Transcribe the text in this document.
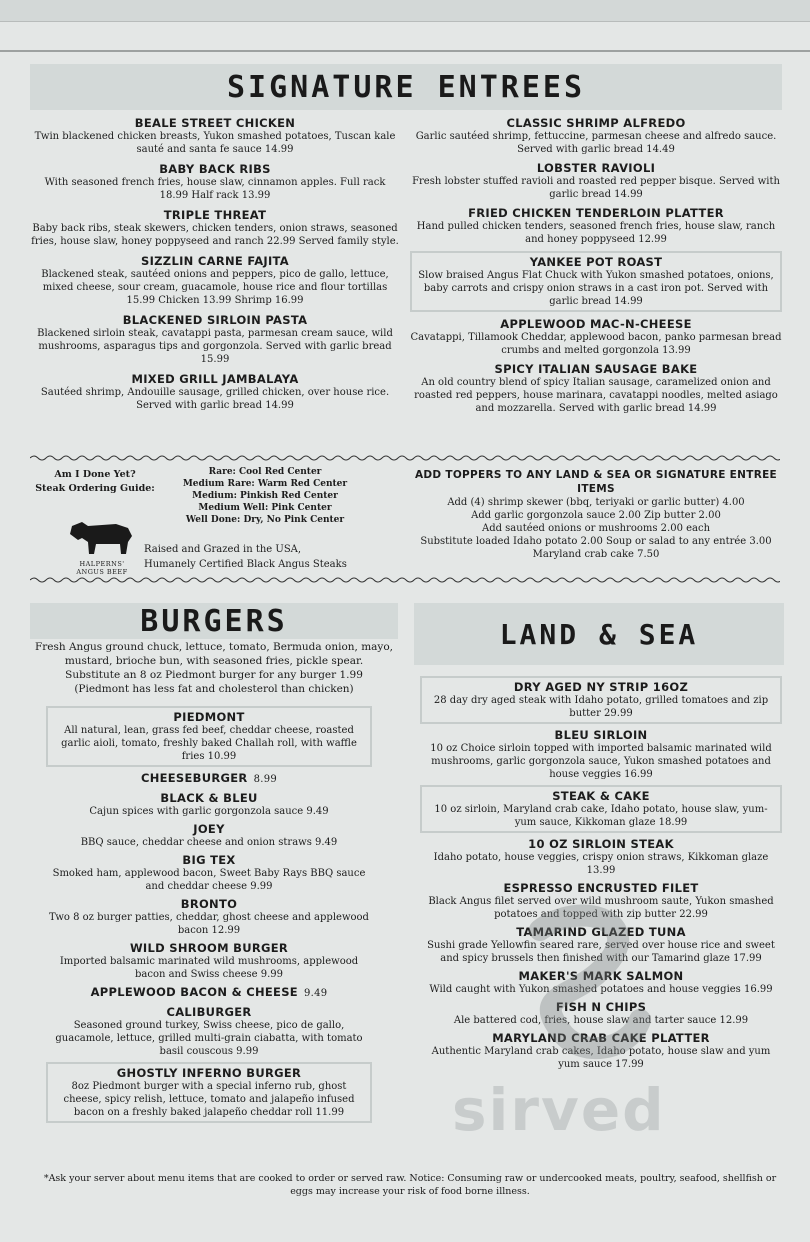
SIGNATURE ENTREES
BEALE STREET CHICKEN
Twin blackened chicken breasts, Yukon smashed potatoes, Tuscan kale sauté and santa fe sauce 14.99
BABY BACK RIBS
With seasoned french fries, house slaw, cinnamon apples. Full rack 18.99 Half rack 13.99
TRIPLE THREAT
Baby back ribs, steak skewers, chicken tenders, onion straws, seasoned fries, house slaw, honey poppyseed and ranch 22.99 Served family style.
SIZZLIN CARNE FAJITA
Blackened steak, sautéed onions and peppers, pico de gallo, lettuce, mixed cheese, sour cream, guacamole, house rice and flour tortillas 15.99 Chicken 13.99 Shrimp 16.99
BLACKENED SIRLOIN PASTA
Blackened sirloin steak, cavatappi pasta, parmesan cream sauce, wild mushrooms, asparagus tips and gorgonzola. Served with garlic bread 15.99
MIXED GRILL JAMBALAYA
Sautéed shrimp, Andouille sausage, grilled chicken, over house rice. Served with garlic bread 14.99
CLASSIC SHRIMP ALFREDO
Garlic sautéed shrimp, fettuccine, parmesan cheese and alfredo sauce. Served with garlic bread 14.49
LOBSTER RAVIOLI
Fresh lobster stuffed ravioli and roasted red pepper bisque. Served with garlic bread 14.99
FRIED CHICKEN TENDERLOIN PLATTER
Hand pulled chicken tenders, seasoned french fries, house slaw, ranch and honey poppyseed 12.99
YANKEE POT ROAST
Slow braised Angus Flat Chuck with Yukon smashed potatoes, onions, baby carrots and crispy onion straws in a cast iron pot. Served with garlic bread 14.99
APPLEWOOD MAC-N-CHEESE
Cavatappi, Tillamook Cheddar, applewood bacon, panko parmesan bread crumbs and melted gorgonzola 13.99
SPICY ITALIAN SAUSAGE BAKE
An old country blend of spicy Italian sausage, caramelized onion and roasted red peppers, house marinara, cavatappi noodles, melted asiago and mozzarella. Served with garlic bread 14.99
Am I Done Yet?
Steak Ordering Guide:
Rare: Cool Red Center
Medium Rare: Warm Red Center
Medium: Pinkish Red Center
Medium Well: Pink Center
Well Done: Dry, No Pink Center
HALPERNS'
ANGUS BEEF
Raised and Grazed in the USA,
Humanely Certified Black Angus Steaks
ADD TOPPERS TO ANY LAND & SEA OR SIGNATURE ENTREE ITEMS
Add (4) shrimp skewer (bbq, teriyaki or garlic butter) 4.00
Add garlic gorgonzola sauce 2.00 Zip butter 2.00
Add sautéed onions or mushrooms 2.00 each
Substitute loaded Idaho potato 2.00 Soup or salad to any entrée 3.00
Maryland crab cake 7.50
BURGERS
Fresh Angus ground chuck, lettuce, tomato, Bermuda onion, mayo,
mustard, brioche bun, with seasoned fries, pickle spear.
Substitute an 8 oz Piedmont burger for any burger 1.99
(Piedmont has less fat and cholesterol than chicken)
PIEDMONT
All natural, lean, grass fed beef, cheddar cheese, roasted garlic aioli, tomato, freshly baked Challah roll, with waffle fries 10.99
CHEESEBURGER 8.99
BLACK & BLEU
Cajun spices with garlic gorgonzola sauce 9.49
JOEY
BBQ sauce, cheddar cheese and onion straws 9.49
BIG TEX
Smoked ham, applewood bacon, Sweet Baby Rays BBQ sauce and cheddar cheese 9.99
BRONTO
Two 8 oz burger patties, cheddar, ghost cheese and applewood bacon 12.99
WILD SHROOM BURGER
Imported balsamic marinated wild mushrooms, applewood bacon and Swiss cheese 9.99
APPLEWOOD BACON & CHEESE 9.49
CALIBURGER
Seasoned ground turkey, Swiss cheese, pico de gallo, guacamole, lettuce, grilled multi-grain ciabatta, with tomato basil couscous 9.99
GHOSTLY INFERNO BURGER
8oz Piedmont burger with a special inferno rub, ghost cheese, spicy relish, lettuce, tomato and jalapeño infused bacon on a freshly baked jalapeño cheddar roll 11.99
LAND & SEA
DRY AGED NY STRIP 16OZ
28 day dry aged steak with Idaho potato, grilled tomatoes and zip butter 29.99
BLEU SIRLOIN
10 oz Choice sirloin topped with imported balsamic marinated wild mushrooms, garlic gorgonzola sauce, Yukon smashed potatoes and house veggies 16.99
STEAK & CAKE
10 oz sirloin, Maryland crab cake, Idaho potato, house slaw, yum-yum sauce, Kikkoman glaze 18.99
10 OZ SIRLOIN STEAK
Idaho potato, house veggies, crispy onion straws, Kikkoman glaze 13.99
ESPRESSO ENCRUSTED FILET
Black Angus filet served over wild mushroom saute, Yukon smashed potatoes and topped with zip butter 22.99
TAMARIND GLAZED TUNA
Sushi grade Yellowfin seared rare, served over house rice and sweet and spicy brussels then finished with our Tamarind glaze 17.99
MAKER'S MARK SALMON
Wild caught with Yukon smashed potatoes and house veggies 16.99
FISH N CHIPS
Ale battered cod, fries, house slaw and tarter sauce 12.99
MARYLAND CRAB CAKE PLATTER
Authentic Maryland crab cakes, Idaho potato, house slaw and yum yum sauce 17.99
sirved
*Ask your server about menu items that are cooked to order or served raw. Notice: Consuming raw or undercooked meats, poultry, seafood, shellfish or
eggs may increase your risk of food borne illness.
